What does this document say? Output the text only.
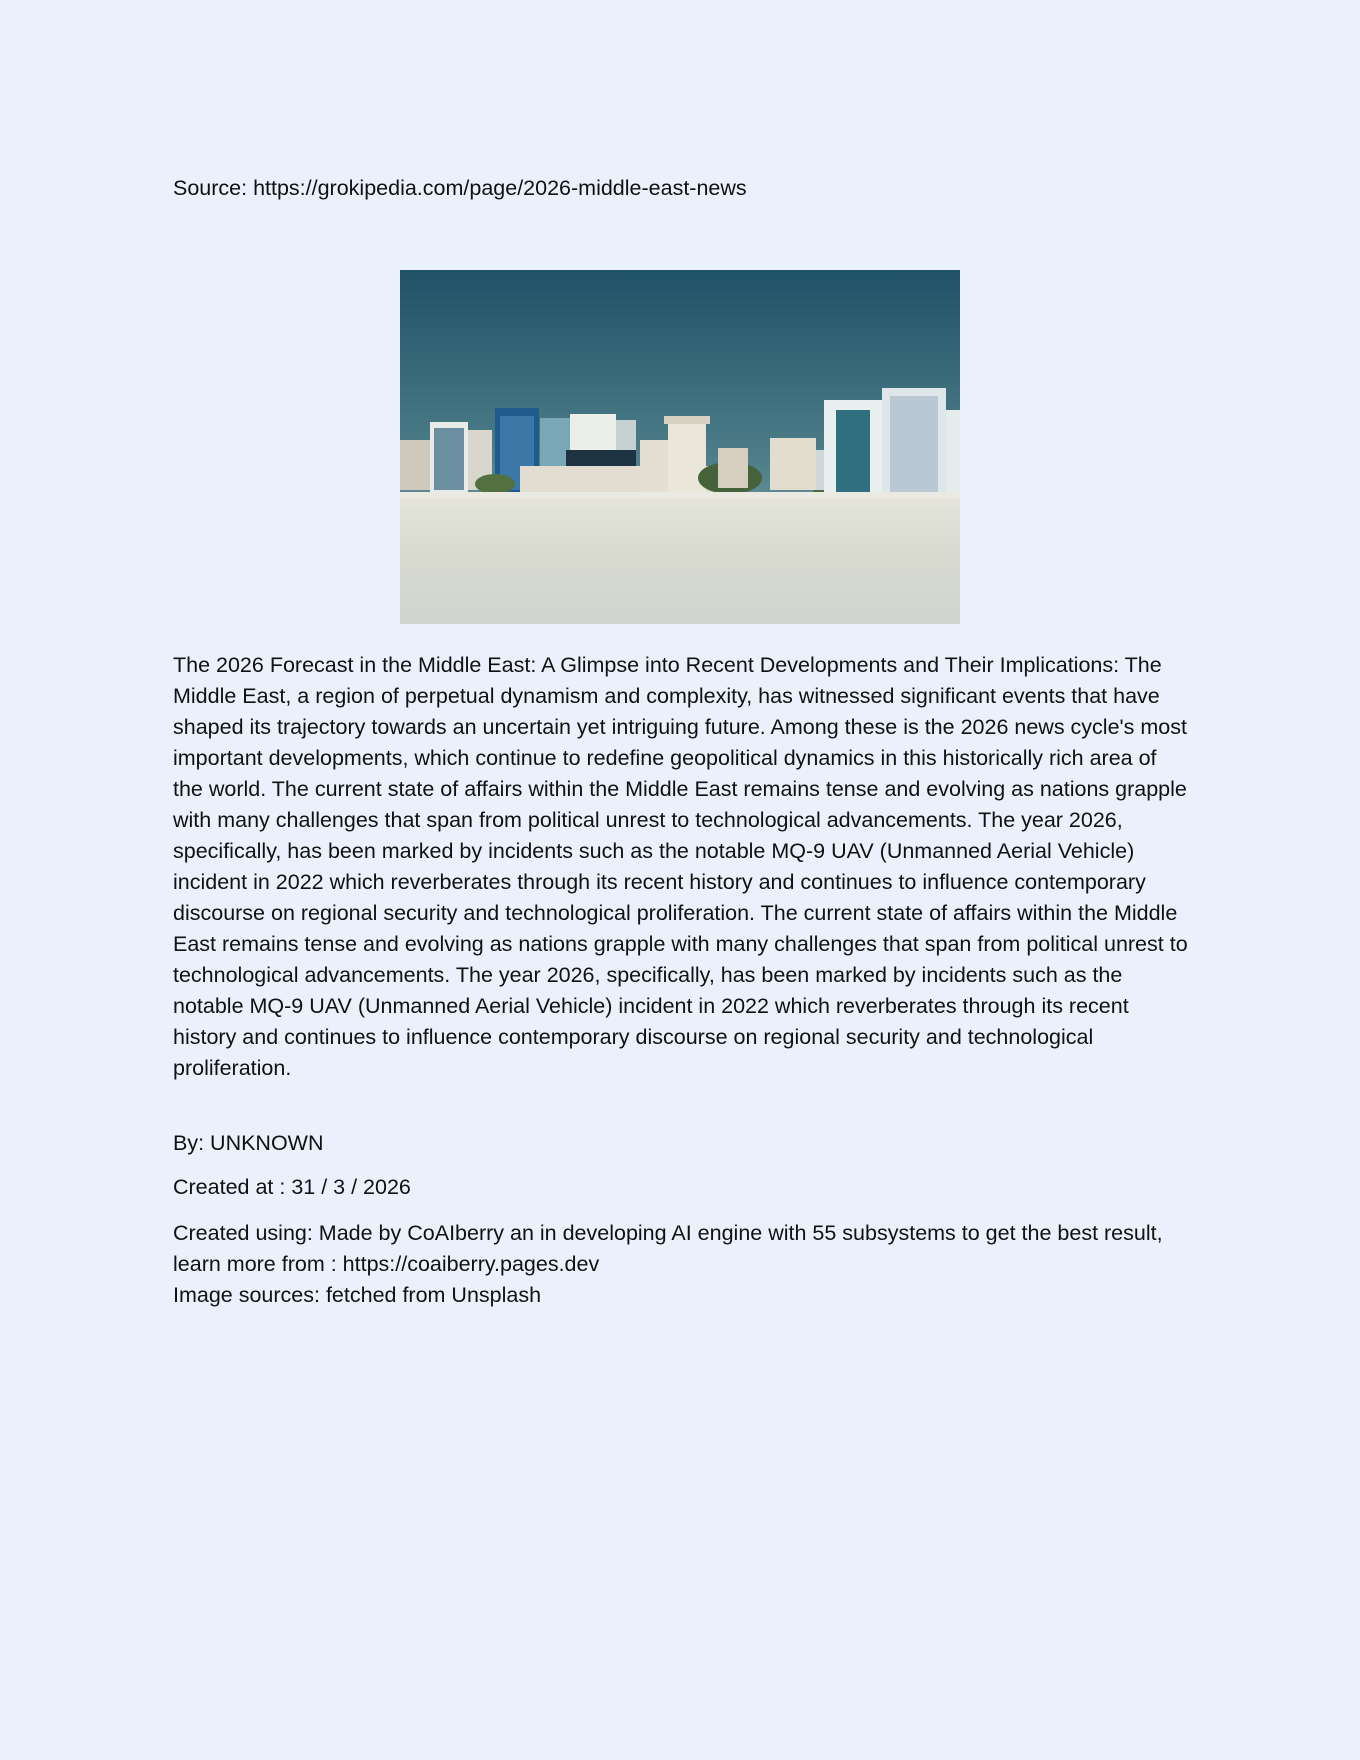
Source: https://grokipedia.com/page/2026-middle-east-news
The 2026 Forecast in the Middle East: A Glimpse into Recent Developments and Their Implications: The Middle East, a region of perpetual dynamism and complexity, has witnessed significant events that have shaped its trajectory towards an uncertain yet intriguing future. Among these is the 2026 news cycle's most important developments, which continue to redefine geopolitical dynamics in this historically rich area of the world. The current state of affairs within the Middle East remains tense and evolving as nations grapple with many challenges that span from political unrest to technological advancements. The year 2026, specifically, has been marked by incidents such as the notable MQ-9 UAV (Unmanned Aerial Vehicle) incident in 2022 which reverberates through its recent history and continues to influence contemporary discourse on regional security and technological proliferation. The current state of affairs within the Middle East remains tense and evolving as nations grapple with many challenges that span from political unrest to technological advancements. The year 2026, specifically, has been marked by incidents such as the notable MQ-9 UAV (Unmanned Aerial Vehicle) incident in 2022 which reverberates through its recent history and continues to influence contemporary discourse on regional security and technological proliferation.
By: UNKNOWN
Created at : 31 / 3 / 2026
Created using: Made by CoAIberry an in developing AI engine with 55 subsystems to get the best result, learn more from : https://coaiberry.pages.dev
Image sources: fetched from Unsplash
